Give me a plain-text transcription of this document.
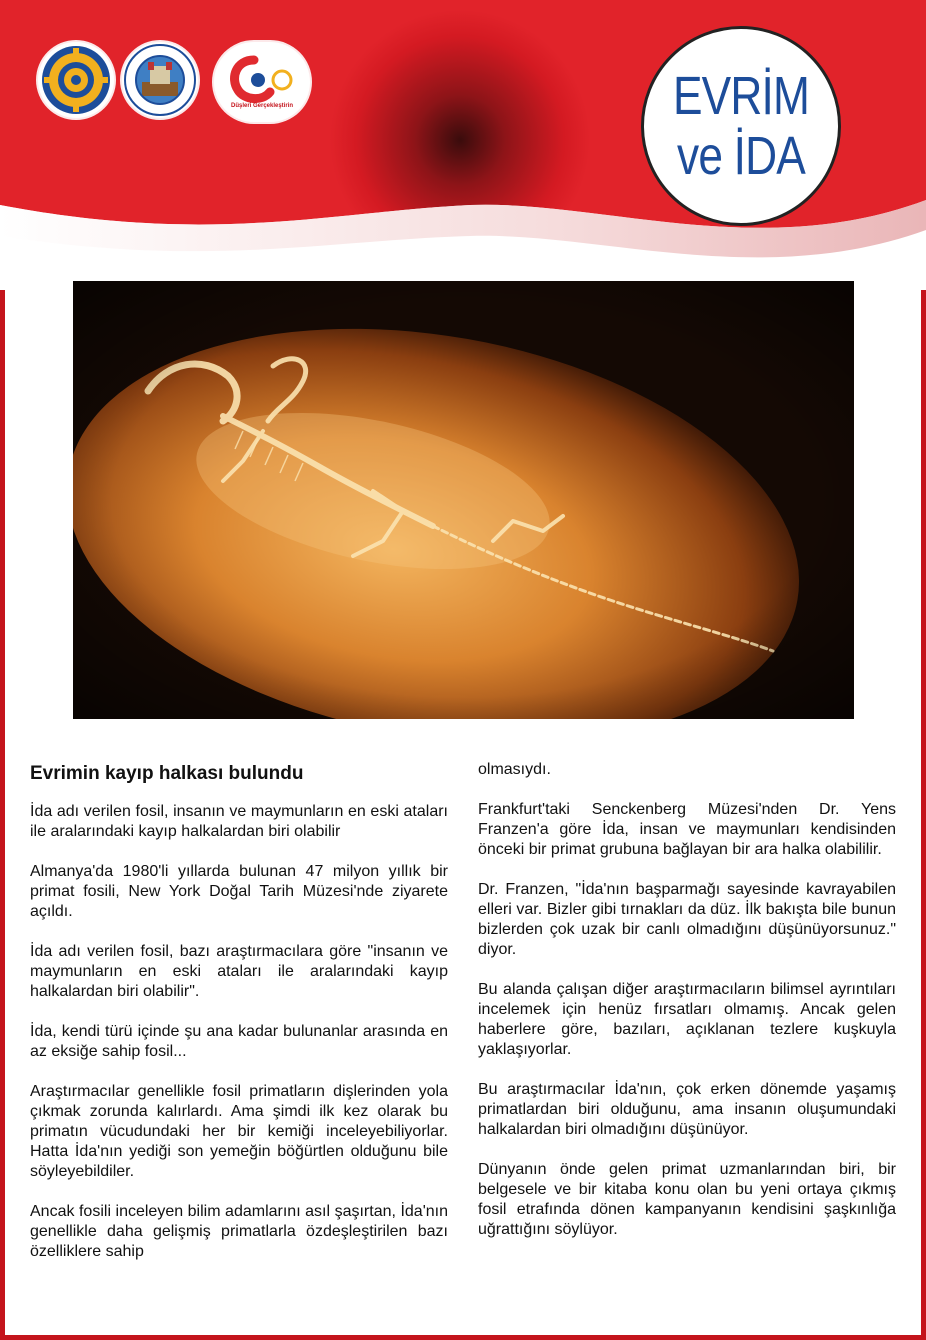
Düşleri Gerçekleştirin	EVRİM
ve İDA
Evrimin kayıp halkası bulundu

İda adı verilen fosil, insanın ve maymunların en eski ataları ile aralarındaki kayıp halkalardan biri olabilir

Almanya'da 1980'li yıllarda bulunan 47 milyon yıllık bir primat fosili, New York Doğal Tarih Müzesi'nde ziyarete açıldı.

İda adı verilen fosil, bazı araştırmacılara göre "insanın ve maymunların en eski ataları ile aralarındaki kayıp halkalardan biri olabilir".

İda, kendi türü içinde şu ana kadar bulunanlar arasında en az eksiğe sahip fosil...

Araştırmacılar genellikle fosil primatların dişlerinden yola çıkmak zorunda kalırlardı. Ama şimdi ilk kez olarak bu primatın vücudundaki her bir kemiği inceleyebiliyorlar. Hatta İda'nın yediği son yemeğin böğürtlen olduğunu bile söyleyebildiler.

Ancak fosili inceleyen bilim adamlarını asıl şaşırtan, İda'nın genellikle daha gelişmiş primatlarla özdeşleştirilen bazı özelliklere sahip

olmasıydı.

Frankfurt'taki Senckenberg Müzesi'nden Dr. Yens Franzen'a göre İda, insan ve maymunları kendisinden önceki bir primat grubuna bağlayan bir ara halka olabililir.

Dr. Franzen, "İda'nın başparmağı sayesinde kavrayabilen elleri var. Bizler gibi tırnakları da düz. İlk bakışta bile bunun bizlerden çok uzak bir canlı olmadığını düşünüyorsunuz." diyor.

Bu alanda çalışan diğer araştırmacıların bilimsel ayrıntıları incelemek için henüz fırsatları olmamış. Ancak gelen haberlere göre, bazıları, açıklanan tezlere kuşkuyla yaklaşıyorlar.

Bu araştırmacılar İda'nın, çok erken dönemde yaşamış primatlardan biri olduğunu, ama insanın oluşumundaki halkalardan biri olmadığını düşünüyor.

Dünyanın önde gelen primat uzmanlarından biri, bir belgesele ve bir kitaba konu olan bu yeni ortaya çıkmış fosil etrafında dönen kampanyanın kendisini şaşkınlığa uğrattığını söylüyor.
